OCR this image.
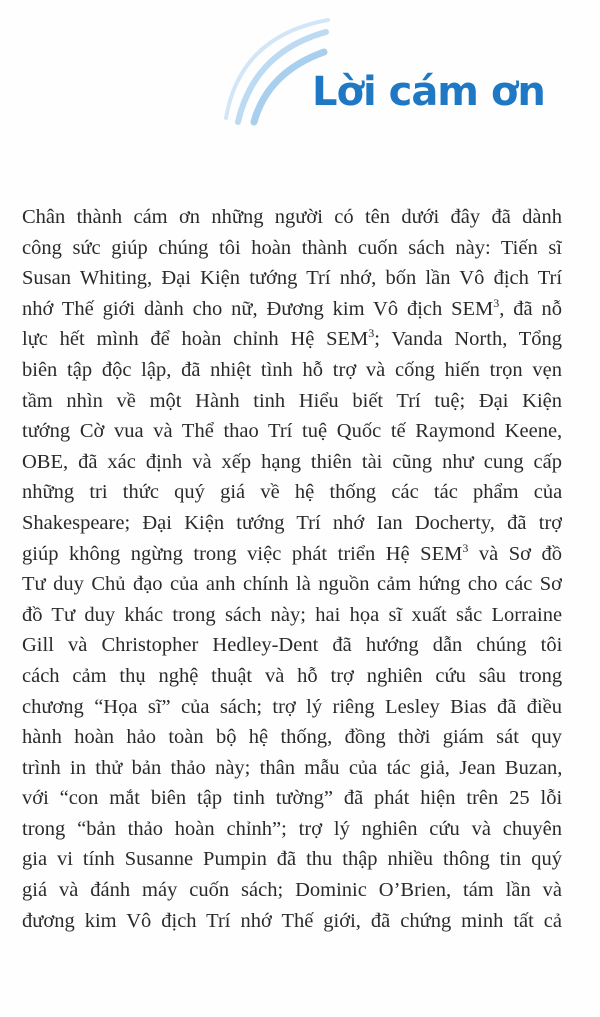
Lời cám ơn
Chân thành cám ơn những người có tên dưới đây đã dành
công sức giúp chúng tôi hoàn thành cuốn sách này: Tiến sĩ
Susan Whiting, Đại Kiện tướng Trí nhớ, bốn lần Vô địch Trí
nhớ Thế giới dành cho nữ, Đương kim Vô địch SEM$^3$, đã nỗ
lực hết mình để hoàn chỉnh Hệ SEM$^3$; Vanda North, Tổng
biên tập độc lập, đã nhiệt tình hỗ trợ và cống hiến trọn vẹn
tầm nhìn về một Hành tinh Hiểu biết Trí tuệ; Đại Kiện
tướng Cờ vua và Thể thao Trí tuệ Quốc tế Raymond Keene,
OBE, đã xác định và xếp hạng thiên tài cũng như cung cấp
những tri thức quý giá về hệ thống các tác phẩm của
Shakespeare; Đại Kiện tướng Trí nhớ Ian Docherty, đã trợ
giúp không ngừng trong việc phát triển Hệ SEM$^3$ và Sơ đồ
Tư duy Chủ đạo của anh chính là nguồn cảm hứng cho các Sơ
đồ Tư duy khác trong sách này; hai họa sĩ xuất sắc Lorraine
Gill và Christopher Hedley-Dent đã hướng dẫn chúng tôi
cách cảm thụ nghệ thuật và hỗ trợ nghiên cứu sâu trong
chương “Họa sĩ” của sách; trợ lý riêng Lesley Bias đã điều
hành hoàn hảo toàn bộ hệ thống, đồng thời giám sát quy
trình in thử bản thảo này; thân mẫu của tác giả, Jean Buzan,
với “con mắt biên tập tinh tường” đã phát hiện trên 25 lỗi
trong “bản thảo hoàn chỉnh”; trợ lý nghiên cứu và chuyên
gia vi tính Susanne Pumpin đã thu thập nhiều thông tin quý
giá và đánh máy cuốn sách; Dominic O’Brien, tám lần và
đương kim Vô địch Trí nhớ Thế giới, đã chứng minh tất cả
